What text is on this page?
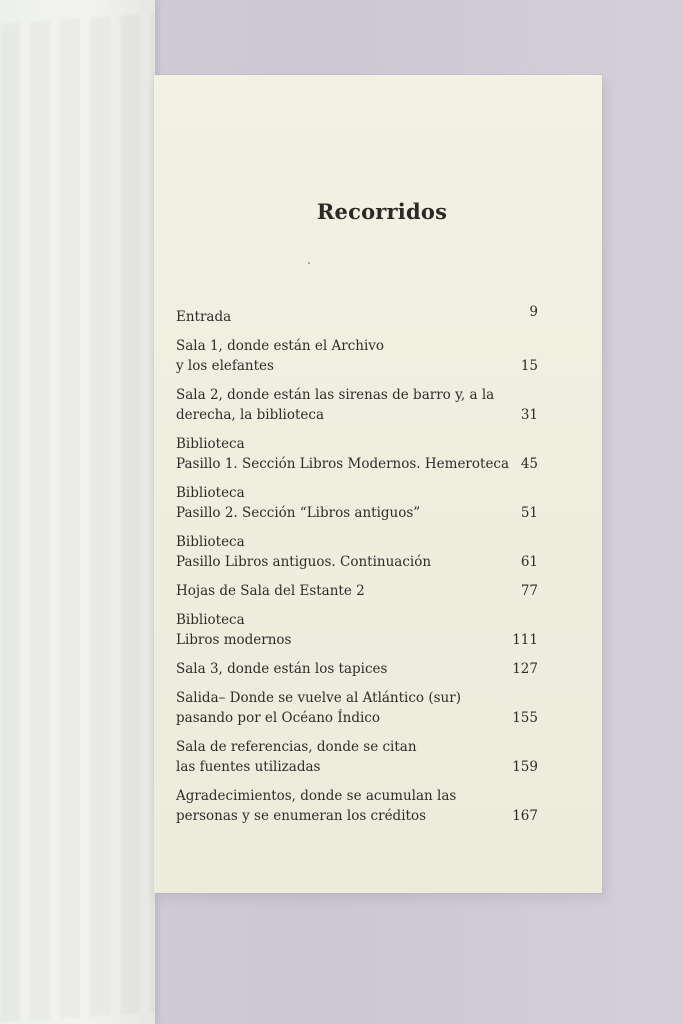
Recorridos
Entrada	9
Sala 1, donde están el Archivo
y los elefantes	15
Sala 2, donde están las sirenas de barro y, a la
derecha, la biblioteca	31
Biblioteca
Pasillo 1. Sección Libros Modernos. Hemeroteca 45
Biblioteca
Pasillo 2. Sección “Libros antiguos”	51
Biblioteca
Pasillo Libros antiguos. Continuación	61
Hojas de Sala del Estante 2	77
Biblioteca
Libros modernos	111
Sala 3, donde están los tapices	127
Salida– Donde se vuelve al Atlántico (sur)
pasando por el Océano Índico	155
Sala de referencias, donde se citan
las fuentes utilizadas	159
Agradecimientos, donde se acumulan las
personas y se enumeran los créditos	167
